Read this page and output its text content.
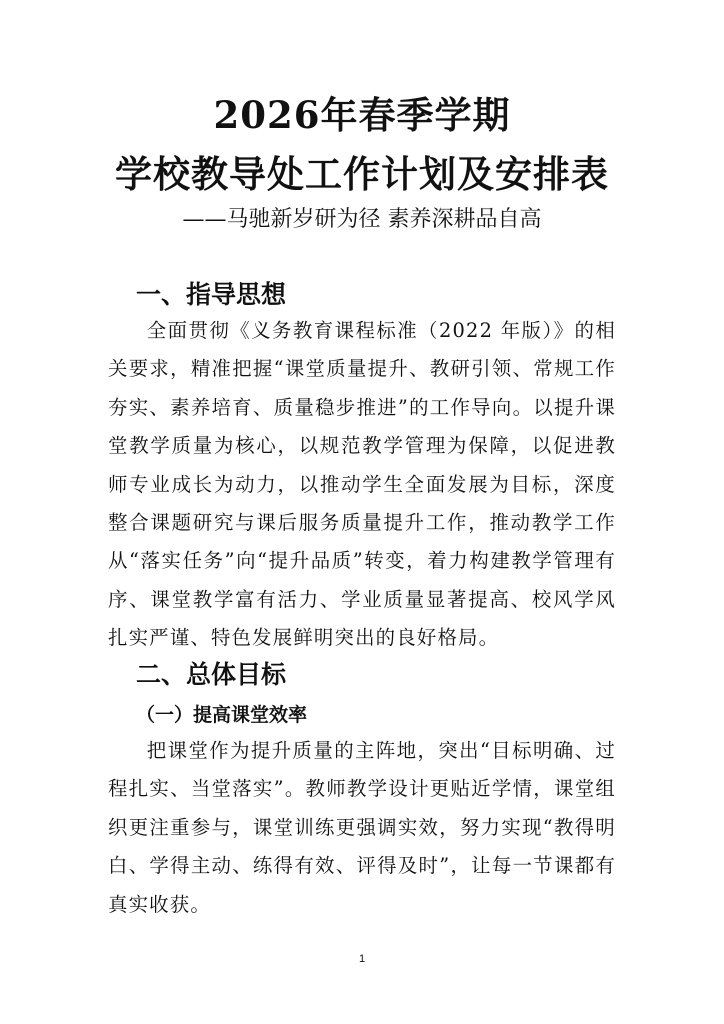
2026年春季学期
学校教导处工作计划及安排表

——马驰新岁研为径 素养深耕品自高

一、指导思想

全面贯彻《义务教育课程标准（2022 年版）》的相关要求，精准把握“课堂质量提升、教研引领、常规工作夯实、素养培育、质量稳步推进”的工作导向。以提升课堂教学质量为核心，以规范教学管理为保障，以促进教师专业成长为动力，以推动学生全面发展为目标，深度整合课题研究与课后服务质量提升工作，推动教学工作从“落实任务”向“提升品质”转变，着力构建教学管理有序、课堂教学富有活力、学业质量显著提高、校风学风扎实严谨、特色发展鲜明突出的良好格局。

二、总体目标
（一）提高课堂效率

把课堂作为提升质量的主阵地，突出“目标明确、过程扎实、当堂落实”。教师教学设计更贴近学情，课堂组织更注重参与，课堂训练更强调实效，努力实现“教得明白、学得主动、练得有效、评得及时”，让每一节课都有真实收获。

1
